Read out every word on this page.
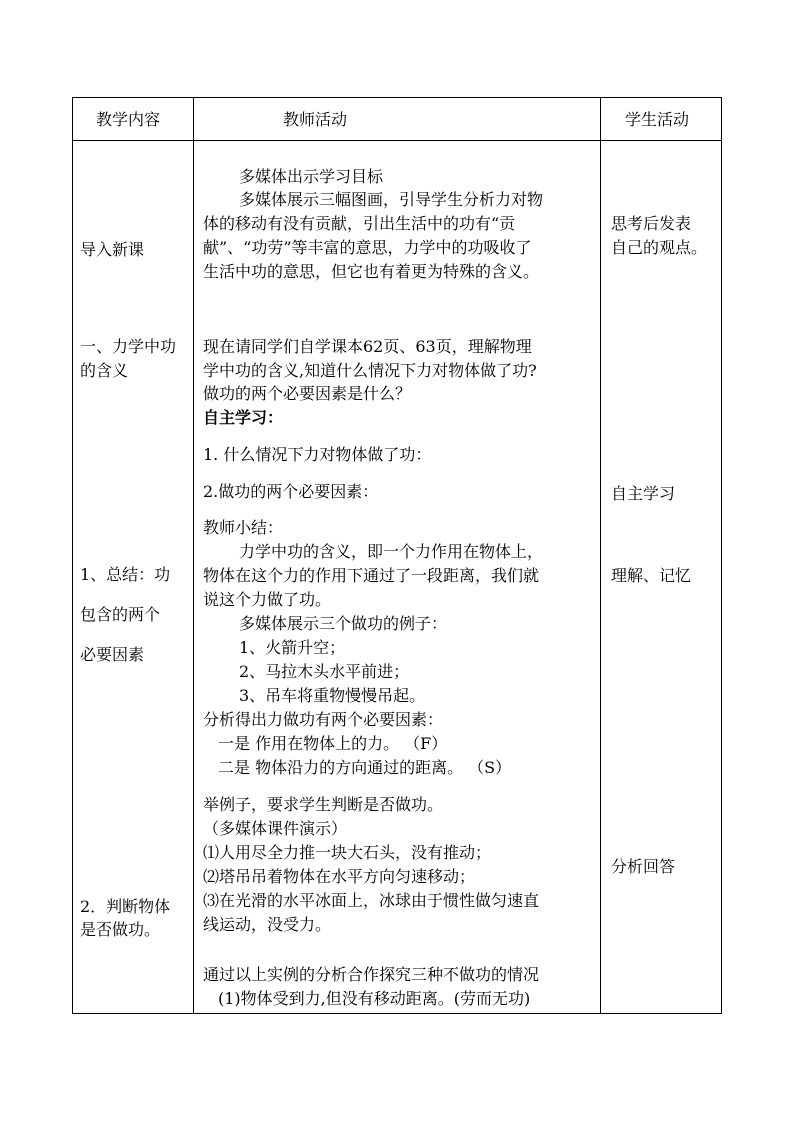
教学内容	教师活动	学生活动
导入新课
一、力学中功
的含义
1、总结：功
包含的两个
必要因素
2．判断物体
是否做功。
多媒体出示学习目标
多媒体展示三幅图画，引导学生分析力对物
体的移动有没有贡献，引出生活中的功有“贡
献”、“功劳”等丰富的意思，力学中的功吸收了
生活中功的意思，但它也有着更为特殊的含义。
现在请同学们自学课本62页、63页，理解物理
学中功的含义,知道什么情况下力对物体做了功?
做功的两个必要因素是什么？
自主学习：
1. 什么情况下力对物体做了功：
2.做功的两个必要因素：
教师小结：
力学中功的含义，即一个力作用在物体上，
物体在这个力的作用下通过了一段距离，我们就
说这个力做了功。
多媒体展示三个做功的例子：
1、火箭升空；
2、马拉木头水平前进；
3、吊车将重物慢慢吊起。
分析得出力做功有两个必要因素：
一是 作用在物体上的力。 （F）
二是 物体沿力的方向通过的距离。 （S）
举例子，要求学生判断是否做功。
（多媒体课件演示）
⑴人用尽全力推一块大石头，没有推动；
⑵塔吊吊着物体在水平方向匀速移动；
⑶在光滑的水平冰面上，冰球由于惯性做匀速直
线运动，没受力。
通过以上实例的分析合作探究三种不做功的情况
(1)物体受到力,但没有移动距离。(劳而无功)
思考后发表
自己的观点。
自主学习
理解、记忆
分析回答
